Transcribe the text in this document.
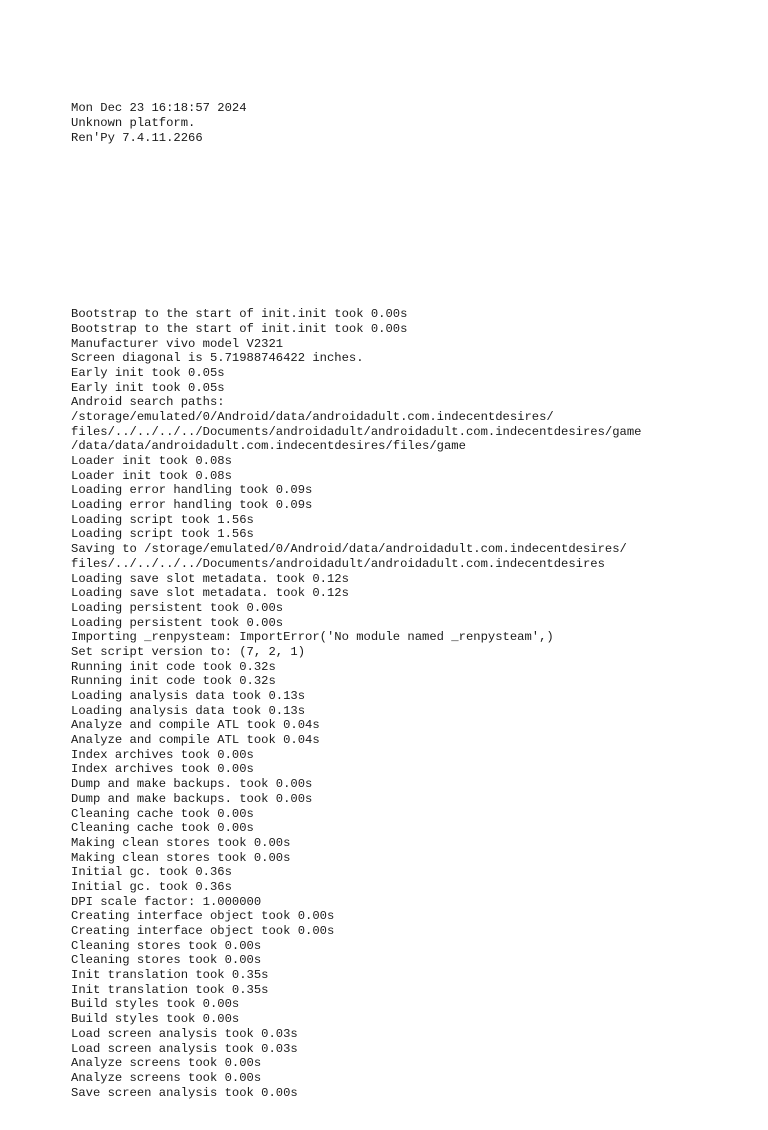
Mon Dec 23 16:18:57 2024
Unknown platform.
Ren'Py 7.4.11.2266

Bootstrap to the start of init.init took 0.00s
Bootstrap to the start of init.init took 0.00s
Manufacturer vivo model V2321
Screen diagonal is 5.71988746422 inches.
Early init took 0.05s
Early init took 0.05s
Android search paths:
/storage/emulated/0/Android/data/androidadult.com.indecentdesires/
files/../../../../Documents/androidadult/androidadult.com.indecentdesires/game
/data/data/androidadult.com.indecentdesires/files/game
Loader init took 0.08s
Loader init took 0.08s
Loading error handling took 0.09s
Loading error handling took 0.09s
Loading script took 1.56s
Loading script took 1.56s
Saving to /storage/emulated/0/Android/data/androidadult.com.indecentdesires/
files/../../../../Documents/androidadult/androidadult.com.indecentdesires
Loading save slot metadata. took 0.12s
Loading save slot metadata. took 0.12s
Loading persistent took 0.00s
Loading persistent took 0.00s
Importing _renpysteam: ImportError('No module named _renpysteam',)
Set script version to: (7, 2, 1)
Running init code took 0.32s
Running init code took 0.32s
Loading analysis data took 0.13s
Loading analysis data took 0.13s
Analyze and compile ATL took 0.04s
Analyze and compile ATL took 0.04s
Index archives took 0.00s
Index archives took 0.00s
Dump and make backups. took 0.00s
Dump and make backups. took 0.00s
Cleaning cache took 0.00s
Cleaning cache took 0.00s
Making clean stores took 0.00s
Making clean stores took 0.00s
Initial gc. took 0.36s
Initial gc. took 0.36s
DPI scale factor: 1.000000
Creating interface object took 0.00s
Creating interface object took 0.00s
Cleaning stores took 0.00s
Cleaning stores took 0.00s
Init translation took 0.35s
Init translation took 0.35s
Build styles took 0.00s
Build styles took 0.00s
Load screen analysis took 0.03s
Load screen analysis took 0.03s
Analyze screens took 0.00s
Analyze screens took 0.00s
Save screen analysis took 0.00s
